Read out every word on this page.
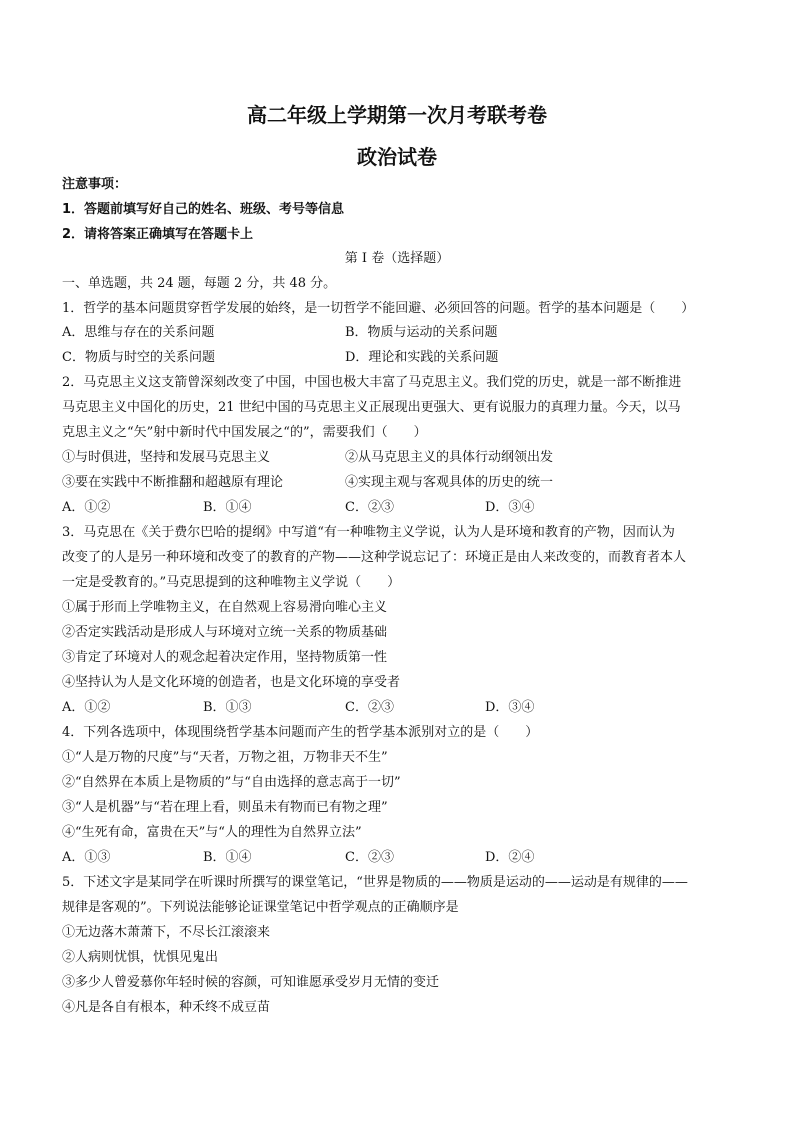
高二年级上学期第一次月考联考卷
政治试卷
注意事项：
1．答题前填写好自己的姓名、班级、考号等信息
2．请将答案正确填写在答题卡上
第 I 卷（选择题）
一、单选题，共 24 题，每题 2 分，共 48 分。
1．哲学的基本问题贯穿哲学发展的始终，是一切哲学不能回避、必须回答的问题。哲学的基本问题是（　　）
A．思维与存在的关系问题	B．物质与运动的关系问题
C．物质与时空的关系问题	D．理论和实践的关系问题
2．马克思主义这支箭曾深刻改变了中国，中国也极大丰富了马克思主义。我们党的历史，就是一部不断推进
马克思主义中国化的历史，21 世纪中国的马克思主义正展现出更强大、更有说服力的真理力量。今天，以马
克思主义之“矢”射中新时代中国发展之“的”，需要我们（　　）
①与时俱进，坚持和发展马克思主义	②从马克思主义的具体行动纲领出发
③要在实践中不断推翻和超越原有理论	④实现主观与客观具体的历史的统一
A．①②	B．①④	C．②③	D．③④
3．马克思在《关于费尔巴哈的提纲》中写道“有一种唯物主义学说，认为人是环境和教育的产物，因而认为
改变了的人是另一种环境和改变了的教育的产物——这种学说忘记了：环境正是由人来改变的，而教育者本人
一定是受教育的。”马克思提到的这种唯物主义学说（　　）
①属于形而上学唯物主义，在自然观上容易滑向唯心主义
②否定实践活动是形成人与环境对立统一关系的物质基础
③肯定了环境对人的观念起着决定作用，坚持物质第一性
④坚持认为人是文化环境的创造者，也是文化环境的享受者
A．①②	B．①③	C．②③	D．③④
4．下列各选项中，体现围绕哲学基本问题而产生的哲学基本派别对立的是（　　）
①“人是万物的尺度”与“天者，万物之祖，万物非天不生”
②“自然界在本质上是物质的”与“自由选择的意志高于一切”
③“人是机器”与“若在理上看，则虽未有物而已有物之理”
④“生死有命，富贵在天”与“人的理性为自然界立法”
A．①③	B．①④	C．②③	D．②④
5．下述文字是某同学在听课时所撰写的课堂笔记，“世界是物质的——物质是运动的——运动是有规律的——
规律是客观的”。下列说法能够论证课堂笔记中哲学观点的正确顺序是
①无边落木萧萧下，不尽长江滚滚来
②人病则忧惧，忧惧见鬼出
③多少人曾爱慕你年轻时候的容颜，可知谁愿承受岁月无情的变迁
④凡是各自有根本，种禾终不成豆苗
